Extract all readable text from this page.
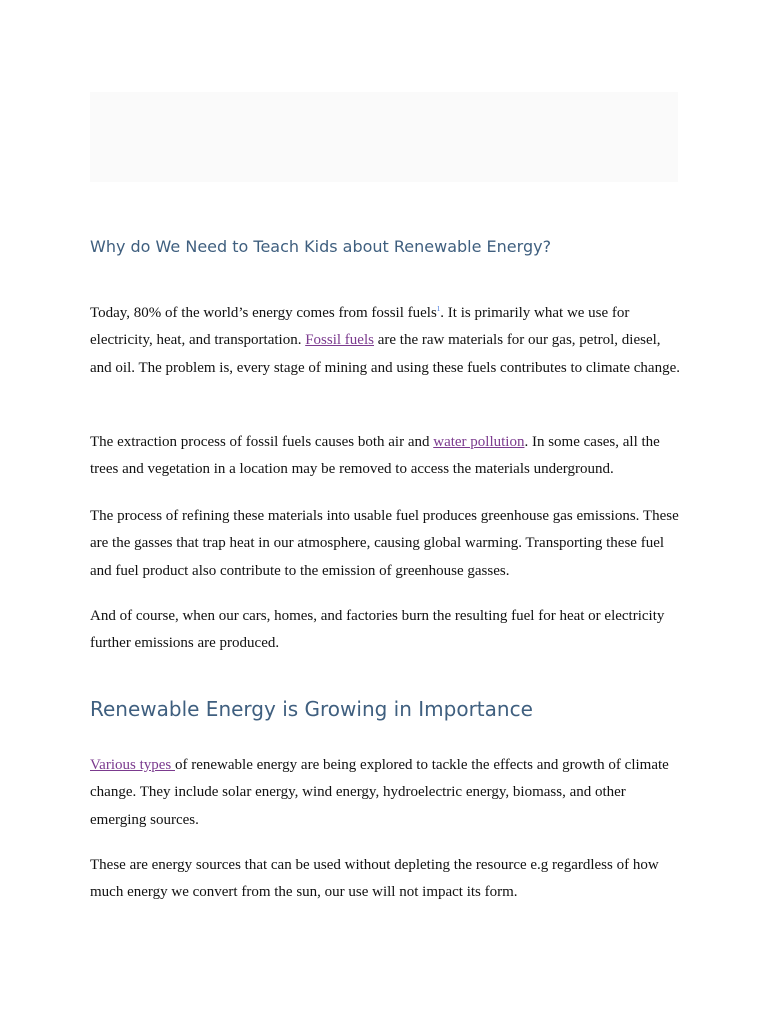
Why do We Need to Teach Kids about Renewable Energy?

Today, 80% of the world’s energy comes from fossil fuels$^1$. It is primarily what we use for electricity, heat, and transportation. Fossil fuels are the raw materials for our gas, petrol, diesel, and oil. The problem is, every stage of mining and using these fuels contributes to climate change.

The extraction process of fossil fuels causes both air and water pollution. In some cases, all the trees and vegetation in a location may be removed to access the materials underground.

The process of refining these materials into usable fuel produces greenhouse gas emissions. These are the gasses that trap heat in our atmosphere, causing global warming. Transporting these fuel and fuel product also contribute to the emission of greenhouse gasses.

And of course, when our cars, homes, and factories burn the resulting fuel for heat or electricity further emissions are produced.

Renewable Energy is Growing in Importance

Various types of renewable energy are being explored to tackle the effects and growth of climate change. They include solar energy, wind energy, hydroelectric energy, biomass, and other emerging sources.

These are energy sources that can be used without depleting the resource e.g regardless of how much energy we convert from the sun, our use will not impact its form.
